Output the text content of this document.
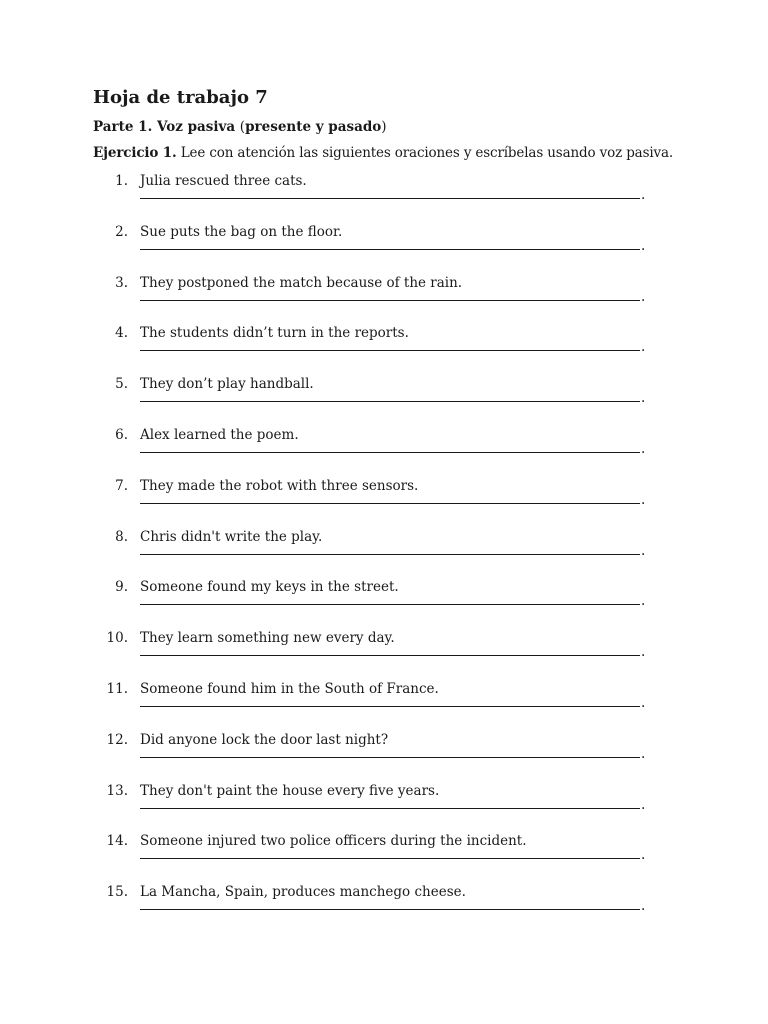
Hoja de trabajo 7
Parte 1. Voz pasiva (presente y pasado)
Ejercicio 1. Lee con atención las siguientes oraciones y escríbelas usando voz pasiva.
1. Julia rescued three cats.
.
2. Sue puts the bag on the floor.
.
3. They postponed the match because of the rain.
.
4. The students didn’t turn in the reports.
.
5. They don’t play handball.
.
6. Alex learned the poem.
.
7. They made the robot with three sensors.
.
8. Chris didn't write the play.
.
9. Someone found my keys in the street.
.
10. They learn something new every day.
.
11. Someone found him in the South of France.
.
12. Did anyone lock the door last night?
.
13. They don't paint the house every five years.
.
14. Someone injured two police officers during the incident.
.
15. La Mancha, Spain, produces manchego cheese.
.
